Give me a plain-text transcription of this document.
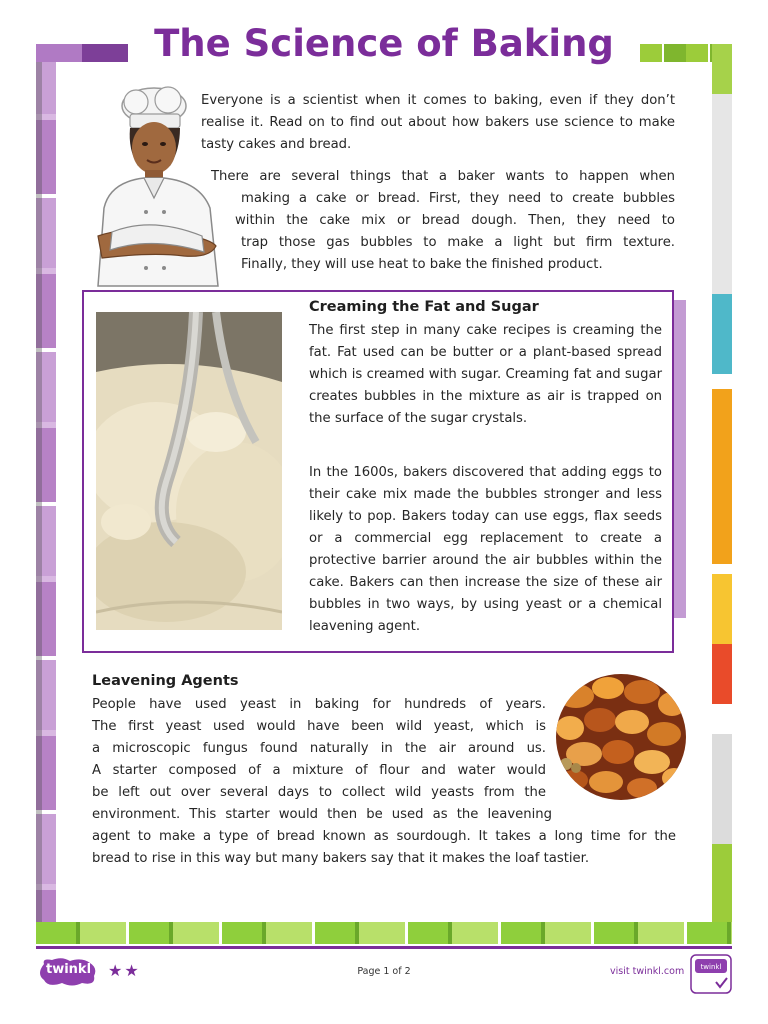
The Science of Baking

Everyone is a scientist when it comes to baking, even if they don’t realise it. Read on to find out about how bakers use science to make tasty cakes and bread.

There are several things that a baker wants to happen when
making a cake or bread. First, they need to create bubbles
within the cake mix or bread dough. Then, they need to
trap those gas bubbles to make a light but firm texture.
Finally, they will use heat to bake the finished product.

Creaming the Fat and Sugar

The first step in many cake recipes is creaming the fat. Fat used can be butter or a plant-based spread which is creamed with sugar. Creaming fat and sugar creates bubbles in the mixture as air is trapped on the surface of the sugar crystals.

In the 1600s, bakers discovered that adding eggs to their cake mix made the bubbles stronger and less likely to pop. Bakers today can use eggs, flax seeds or a commercial egg replacement to create a protective barrier around the air bubbles within the cake. Bakers can then increase the size of these air bubbles in two ways, by using yeast or a chemical leavening agent.

Leavening Agents

People have used yeast in baking for hundreds of years.
The first yeast used would have been wild yeast, which is
a microscopic fungus found naturally in the air around us.
A starter composed of a mixture of flour and water would
be left out over several days to collect wild yeasts from the
environment. This starter would then be used as the leavening
agent to make a type of bread known as sourdough. It takes a long time for the
bread to rise in this way but many bakers say that it makes the loaf tastier.

twinkl ★★	Page 1 of 2	visit twinkl.com twinkl
